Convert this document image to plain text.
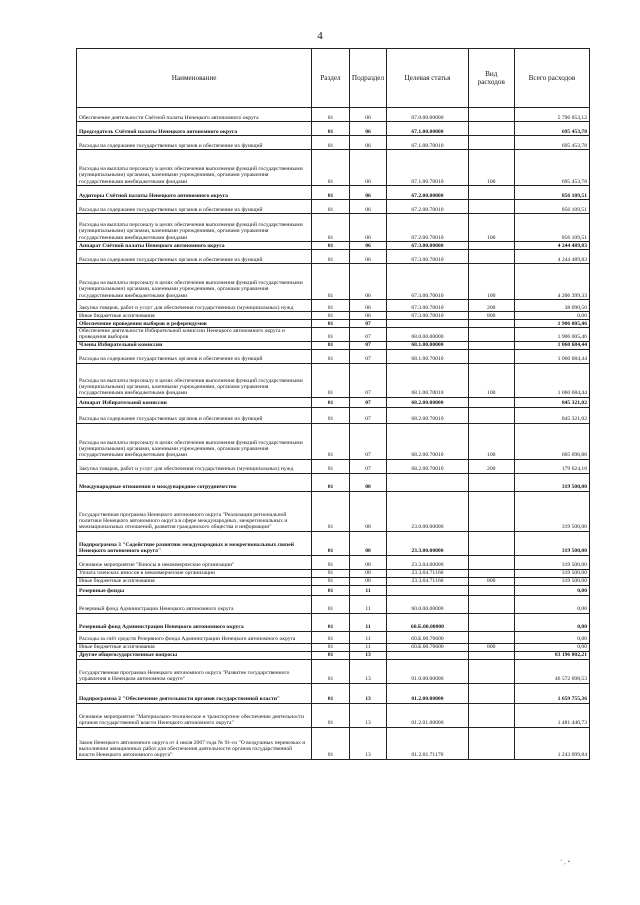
4
Наименование	Раздел	Подраздел	Целевая статья	Вид расходов	Всего расходов
Обеспечение деятельности Счётной палаты Ненецкого автономного округа	01	06	67.0.00.00000		5 796 053,12
Председатель Счётной палаты Ненецкого автономного округа	01	06	67.1.00.00000		695 453,78
Расходы на содержание государственных органов и обеспечение их функций	01	06	67.1.00.70010		695 453,78
Расходы на выплаты персоналу в целях обеспечения выполнения функций государственными (муниципальными) органами, казенными учреждениями, органами управления государственными внебюджетными фондами	01	06	67.1.00.70010	100	695 453,78
Аудиторы Счётной палаты Ненецкого автономного округа	01	06	67.2.00.00000		856 109,51
Расходы на содержание государственных органов и обеспечение их функций	01	06	67.2.00.70010		856 109,51
Расходы на выплаты персоналу в целях обеспечения выполнения функций государственными (муниципальными) органами, казенными учреждениями, органами управления государственными внебюджетными фондами	01	06	67.2.00.70010	100	856 109,51
Аппарат Счётной палаты Ненецкого автономного округа	01	06	67.3.00.00000		4 244 489,83
Расходы на содержание государственных органов и обеспечение их функций	01	06	67.3.00.70010		4 244 489,83
Расходы на выплаты персоналу в целях обеспечения выполнения функций государственными (муниципальными) органами, казенными учреждениями, органами управления государственными внебюджетными фондами	01	06	67.3.00.70010	100	4 206 399,33
Закупка товаров, работ и услуг для обеспечения государственных (муниципальных) нужд	01	06	67.3.00.70010	200	38 090,50
Иные бюджетные ассигнования	01	06	67.3.00.70010	800	0,00
Обеспечение проведения выборов и референдумов	01	07			1 906 005,46
Обеспечение деятельности Избирательной комиссии Ненецкого автономного округа и проведения выборов	01	07	68.0.00.00000		1 906 005,46
Члены Избирательной комиссии	01	07	68.1.00.00000		1 060 684,44
Расходы на содержание государственных органов и обеспечение их функций	01	07	68.1.00.70010		1 060 684,44
Расходы на выплаты персоналу в целях обеспечения выполнения функций государственными (муниципальными) органами, казенными учреждениями, органами управления государственными внебюджетными фондами	01	07	68.1.00.70010	100	1 060 684,44
Аппарат Избирательной комиссии	01	07	68.2.00.00000		845 321,02
Расходы на содержание государственных органов и обеспечение их функций	01	07	68.2.00.70010		845 321,02
Расходы на выплаты персоналу в целях обеспечения выполнения функций государственными (муниципальными) органами, казенными учреждениями, органами управления государственными внебюджетными фондами	01	07	68.2.00.70010	100	665 696,86
Закупка товаров, работ и услуг для обеспечения государственных (муниципальных) нужд	01	07	68.2.00.70010	200	179 624,16
Международные отношения и международное сотрудничество	01	08			319 500,00
Государственная программа Ненецкого автономного округа "Реализация региональной политики Ненецкого автономного округа в сфере международных, межрегиональных и межнациональных отношений, развития гражданского общества и информации"	01	08	23.0.00.00000		319 500,00
Подпрограмма 3 "Содействие развитию международных и межрегиональных связей Ненецкого автономного округа"	01	08	23.3.00.00000		319 500,00
Основное мероприятие "Взносы в некоммерческие организации"	01	08	23.3.04.00000		319 500,00
Уплата членских взносов в некоммерческие организации	01	08	23.3.04.71160		319 500,00
Иные бюджетные ассигнования	01	08	23.3.04.71160	800	319 500,00
Резервные фонды	01	11			0,00
Резервный фонд Администрации Ненецкого автономного округа	01	11	60.0.00.00000		0,00
Резервный фонд Администрации Ненецкого автономного округа	01	11	60.Б.00.00000		0,00
Расходы за счёт средств Резервного фонда Администрации Ненецкого автономного округа	01	11	60.Б.00.70600		0,00
Иные бюджетные ассигнования	01	11	60.Б.00.70600	800	0,00
Другие общегосударственные вопросы	01	13			83 196 002,21
Государственная программа Ненецкого автономного округа "Развитие государственного управления в Ненецком автономном округе"	01	13	01.0.00.00000		46 572 698,53
Подпрограмма 2 "Обеспечение деятельности органов государственной власти"	01	13	01.2.00.00000		1 659 755,36
Основное мероприятие "Материально-техническое и транспортное обеспечение деятельности органов государственной власти Ненецкого автономного округа"	01	13	01.2.01.00000		1 481 440,73
Закон Ненецкого автономного округа от 4 июля 2007 года № 91-оз "О воздушных перевозках и выполнении авиационных работ для обеспечения деятельности органов государственной власти Ненецкого автономного округа"	01	13	01.2.01.71170		1 243 099,84
‘ , •
